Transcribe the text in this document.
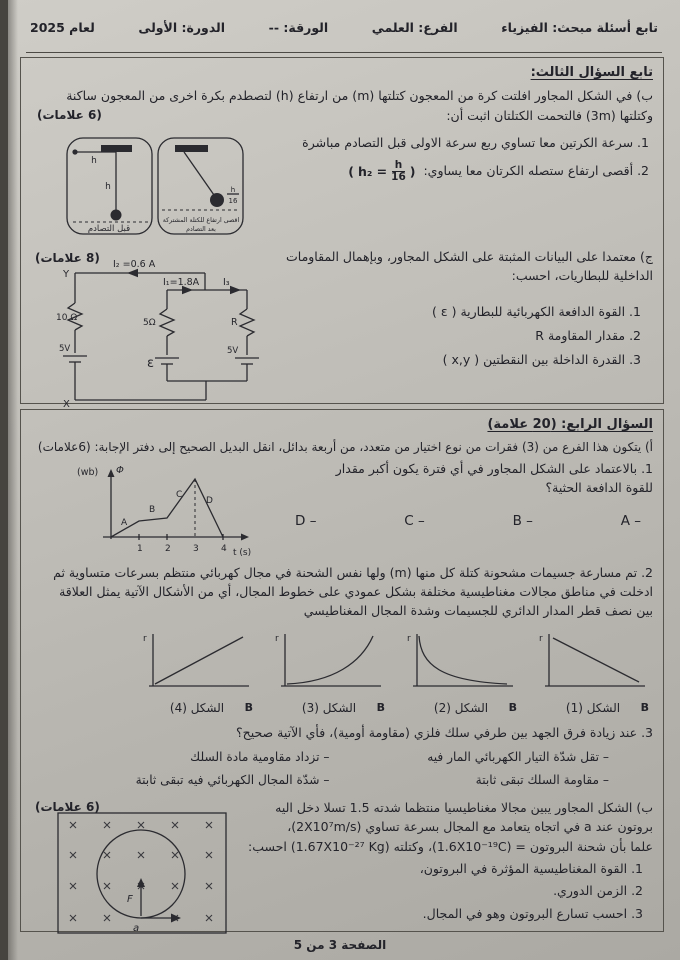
تابع أسئلة مبحث: الفيزياء
الفرع: العلمي
الورقة: --
الدورة: الأولى
لعام 2025
تابع السؤال الثالث:
ب) في الشكل المجاور افلتت كرة من المعجون كتلتها (m) من ارتفاع (h) لتصطدم بكرة اخرى من المعجون ساكنة
وكتلتها (3m) فالتحمت الكتلتان اثبت أن:
(6 علامات)
1. سرعة الكرتين معا تساوي ربع سرعة الاولى قبل التصادم مباشرة
2. أقصى ارتفاع ستصله الكرتان معا يساوي:
( $h_2 = \frac{h}{16}$ )
h
h
قبل التصادم
h
16
اقصى ارتفاع للكتلة المشتركة
بعد التصادم
(8 علامات)	ج) معتمدا على البيانات المثبتة على الشكل المجاور، وبإهمال المقاومات
الداخلية للبطاريات، احسب:
1. القوة الدافعة الكهربائية للبطارية ( ε )
2. مقدار المقاومة R
3. القدرة الداخلة بين النقطتين ( x,y )
Y
X
I₂ =0.6 A
10 Ω
5V
I₁=1.8A	I₃
5Ω
ε
R
5V
السؤال الرابع: (20 علامة)
أ) يتكون هذا الفرع من (3) فقرات من نوع اختيار من متعدد، من أربعة بدائل، انقل البديل الصحيح إلى دفتر الإجابة: (6علامات)
1. بالاعتماد على الشكل المجاور في أي فترة يكون أكبر مقدار
للقوة الدافعة الحثية؟
A –
B –
C –
D –
(wb) Φ
A
B
C
D
1 2 3 4 t (s)

2. تم مسارعة جسيمات مشحونة كتلة كل منها (m) ولها نفس الشحنة في مجال كهربائي منتظم بسرعات متساوية ثم

ادخلت في مناطق مجالات مغناطيسية مختلفة بشكل عمودي على خطوط المجال، أي من الأشكال الآتية يمثل العلاقة

بين نصف قطر المدار الدائري للجسيمات وشدة المجال المغناطيسي

r
الشكل (1) B
r
الشكل (2) B
r
الشكل (3) B
r
الشكل (4) B
3. عند زيادة فرق الجهد بين طرفي سلك فلزي (مقاومة أومية)، فأي الآتية صحيح؟
– تقل شدّة التيار الكهربائي المار فيه
– تزداد مقاومية مادة السلك
– مقاومة السلك تبقى ثابتة
– شدّة المجال الكهربائي فيه تبقى ثابتة
(6 علامات)	ب) الشكل المجاور يبين مجالا مغناطيسيا منتظما شدته 1.5 تسلا دخل اليه
بروتون عند a في اتجاه يتعامد مع المجال بسرعة تساوي (2X10⁷m/s)،
علما بأن شحنة البروتون = (1.6X10⁻¹⁹C)، وكتلته (1.67X10⁻²⁷ Kg) احسب:
1. القوة المغناطيسية المؤثرة في البروتون،
2. الزمن الدوري.
3. احسب تسارع البروتون وهو في المجال.
F
a
الصفحة 3 من 5
